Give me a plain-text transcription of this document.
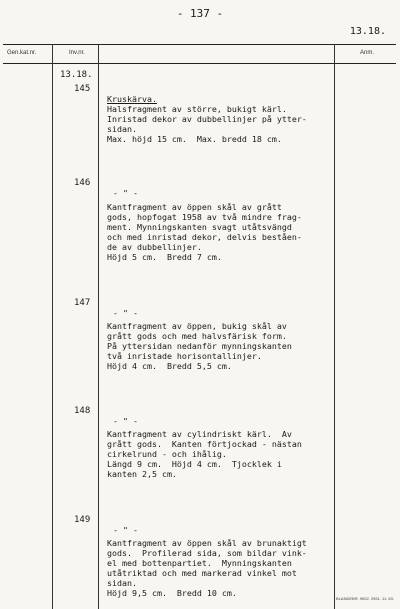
- 137 -
13.18.
Gen.kat.nr.	Inv.nr.	Anm.
13.18.
145

Kruskärva.
Halsfragment av större, bukigt kärl.
Inristad dekor av dubbellinjer på ytter-
sidan.
Max. höjd 15 cm.  Max. bredd 18 cm.

146

- " -
Kantfragment av öppen skål av grått
gods, hopfogat 1958 av två mindre frag-
ment. Mynningskanten svagt utåtsvängd
och med inristad dekor, delvis beståen-
de av dubbellinjer.
Höjd 5 cm.  Bredd 7 cm.

147

- " -
Kantfragment av öppen, bukig skål av
grått gods och med halvsfärisk form.
På yttersidan nedanför mynningskanten
två inristade horisontallinjer.
Höjd 4 cm.  Bredd 5,5 cm.

148

- " -
Kantfragment av cylindriskt kärl.  Av
grått gods.  Kanten förtjockad - nästan
cirkelrund - och ihålig.
Längd 9 cm.  Höjd 4 cm.  Tjocklek i
kanten 2,5 cm.

149

- " -
Kantfragment av öppen skål av brunaktigt
gods.  Profilerad sida, som bildar vink-
el med bottenpartiet.  Mynningskanten
utåtriktad och med markerad vinkel mot
sidan.
Höjd 9,5 cm.  Bredd 10 cm.

BLANDEBR. 9002. 2951. 11. 63.
